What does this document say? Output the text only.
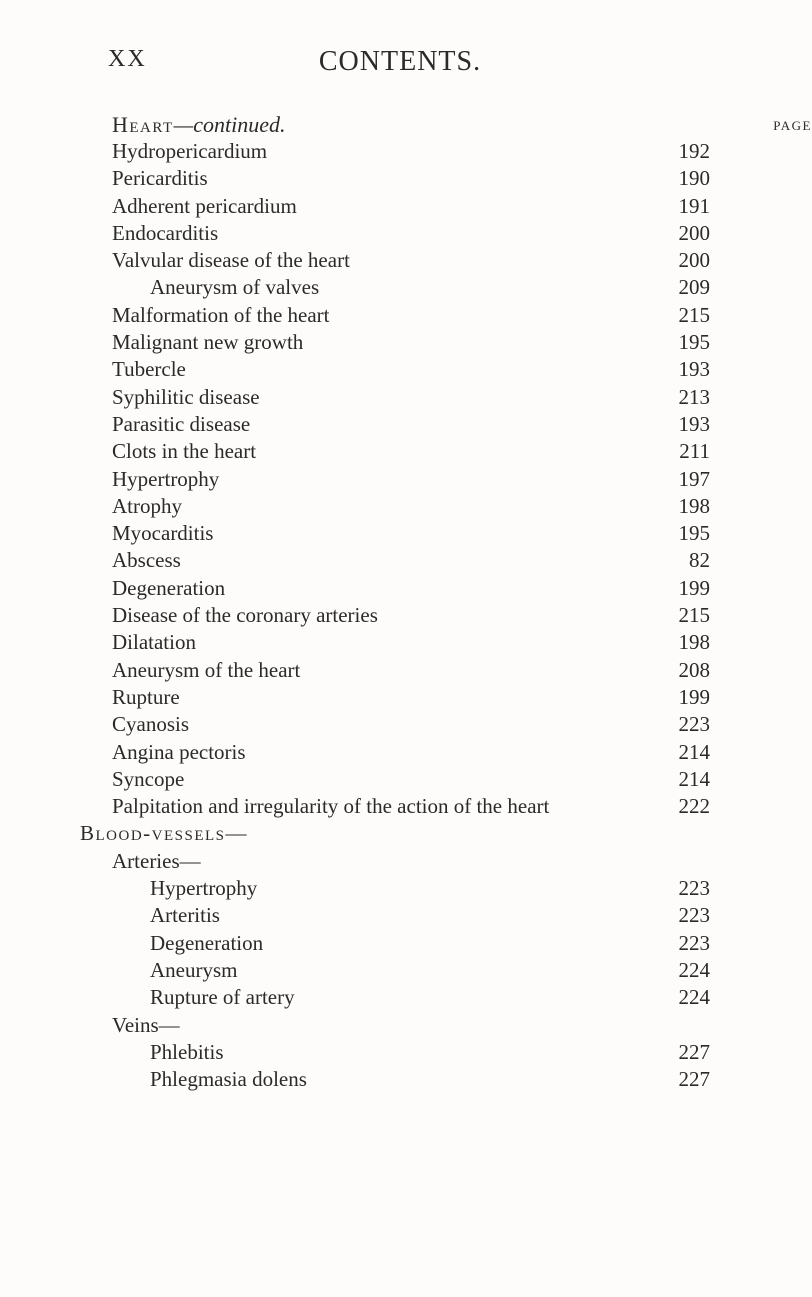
XX	CONTENTS.
Heart—continued.	PAGE
Hydropericardium	192
Pericarditis	190
Adherent pericardium	191
Endocarditis	200
Valvular disease of the heart	200
Aneurysm of valves	209
Malformation of the heart	215
Malignant new growth	195
Tubercle	193
Syphilitic disease	213
Parasitic disease	193
Clots in the heart	211
Hypertrophy	197
Atrophy	198
Myocarditis	195
Abscess	82
Degeneration	199
Disease of the coronary arteries	215
Dilatation	198
Aneurysm of the heart	208
Rupture	199
Cyanosis	223
Angina pectoris	214
Syncope	214
Palpitation and irregularity of the action of the heart	222
Blood-vessels—
Arteries—
Hypertrophy	223
Arteritis	223
Degeneration	223
Aneurysm	224
Rupture of artery	224
Veins—
Phlebitis	227
Phlegmasia dolens	227
